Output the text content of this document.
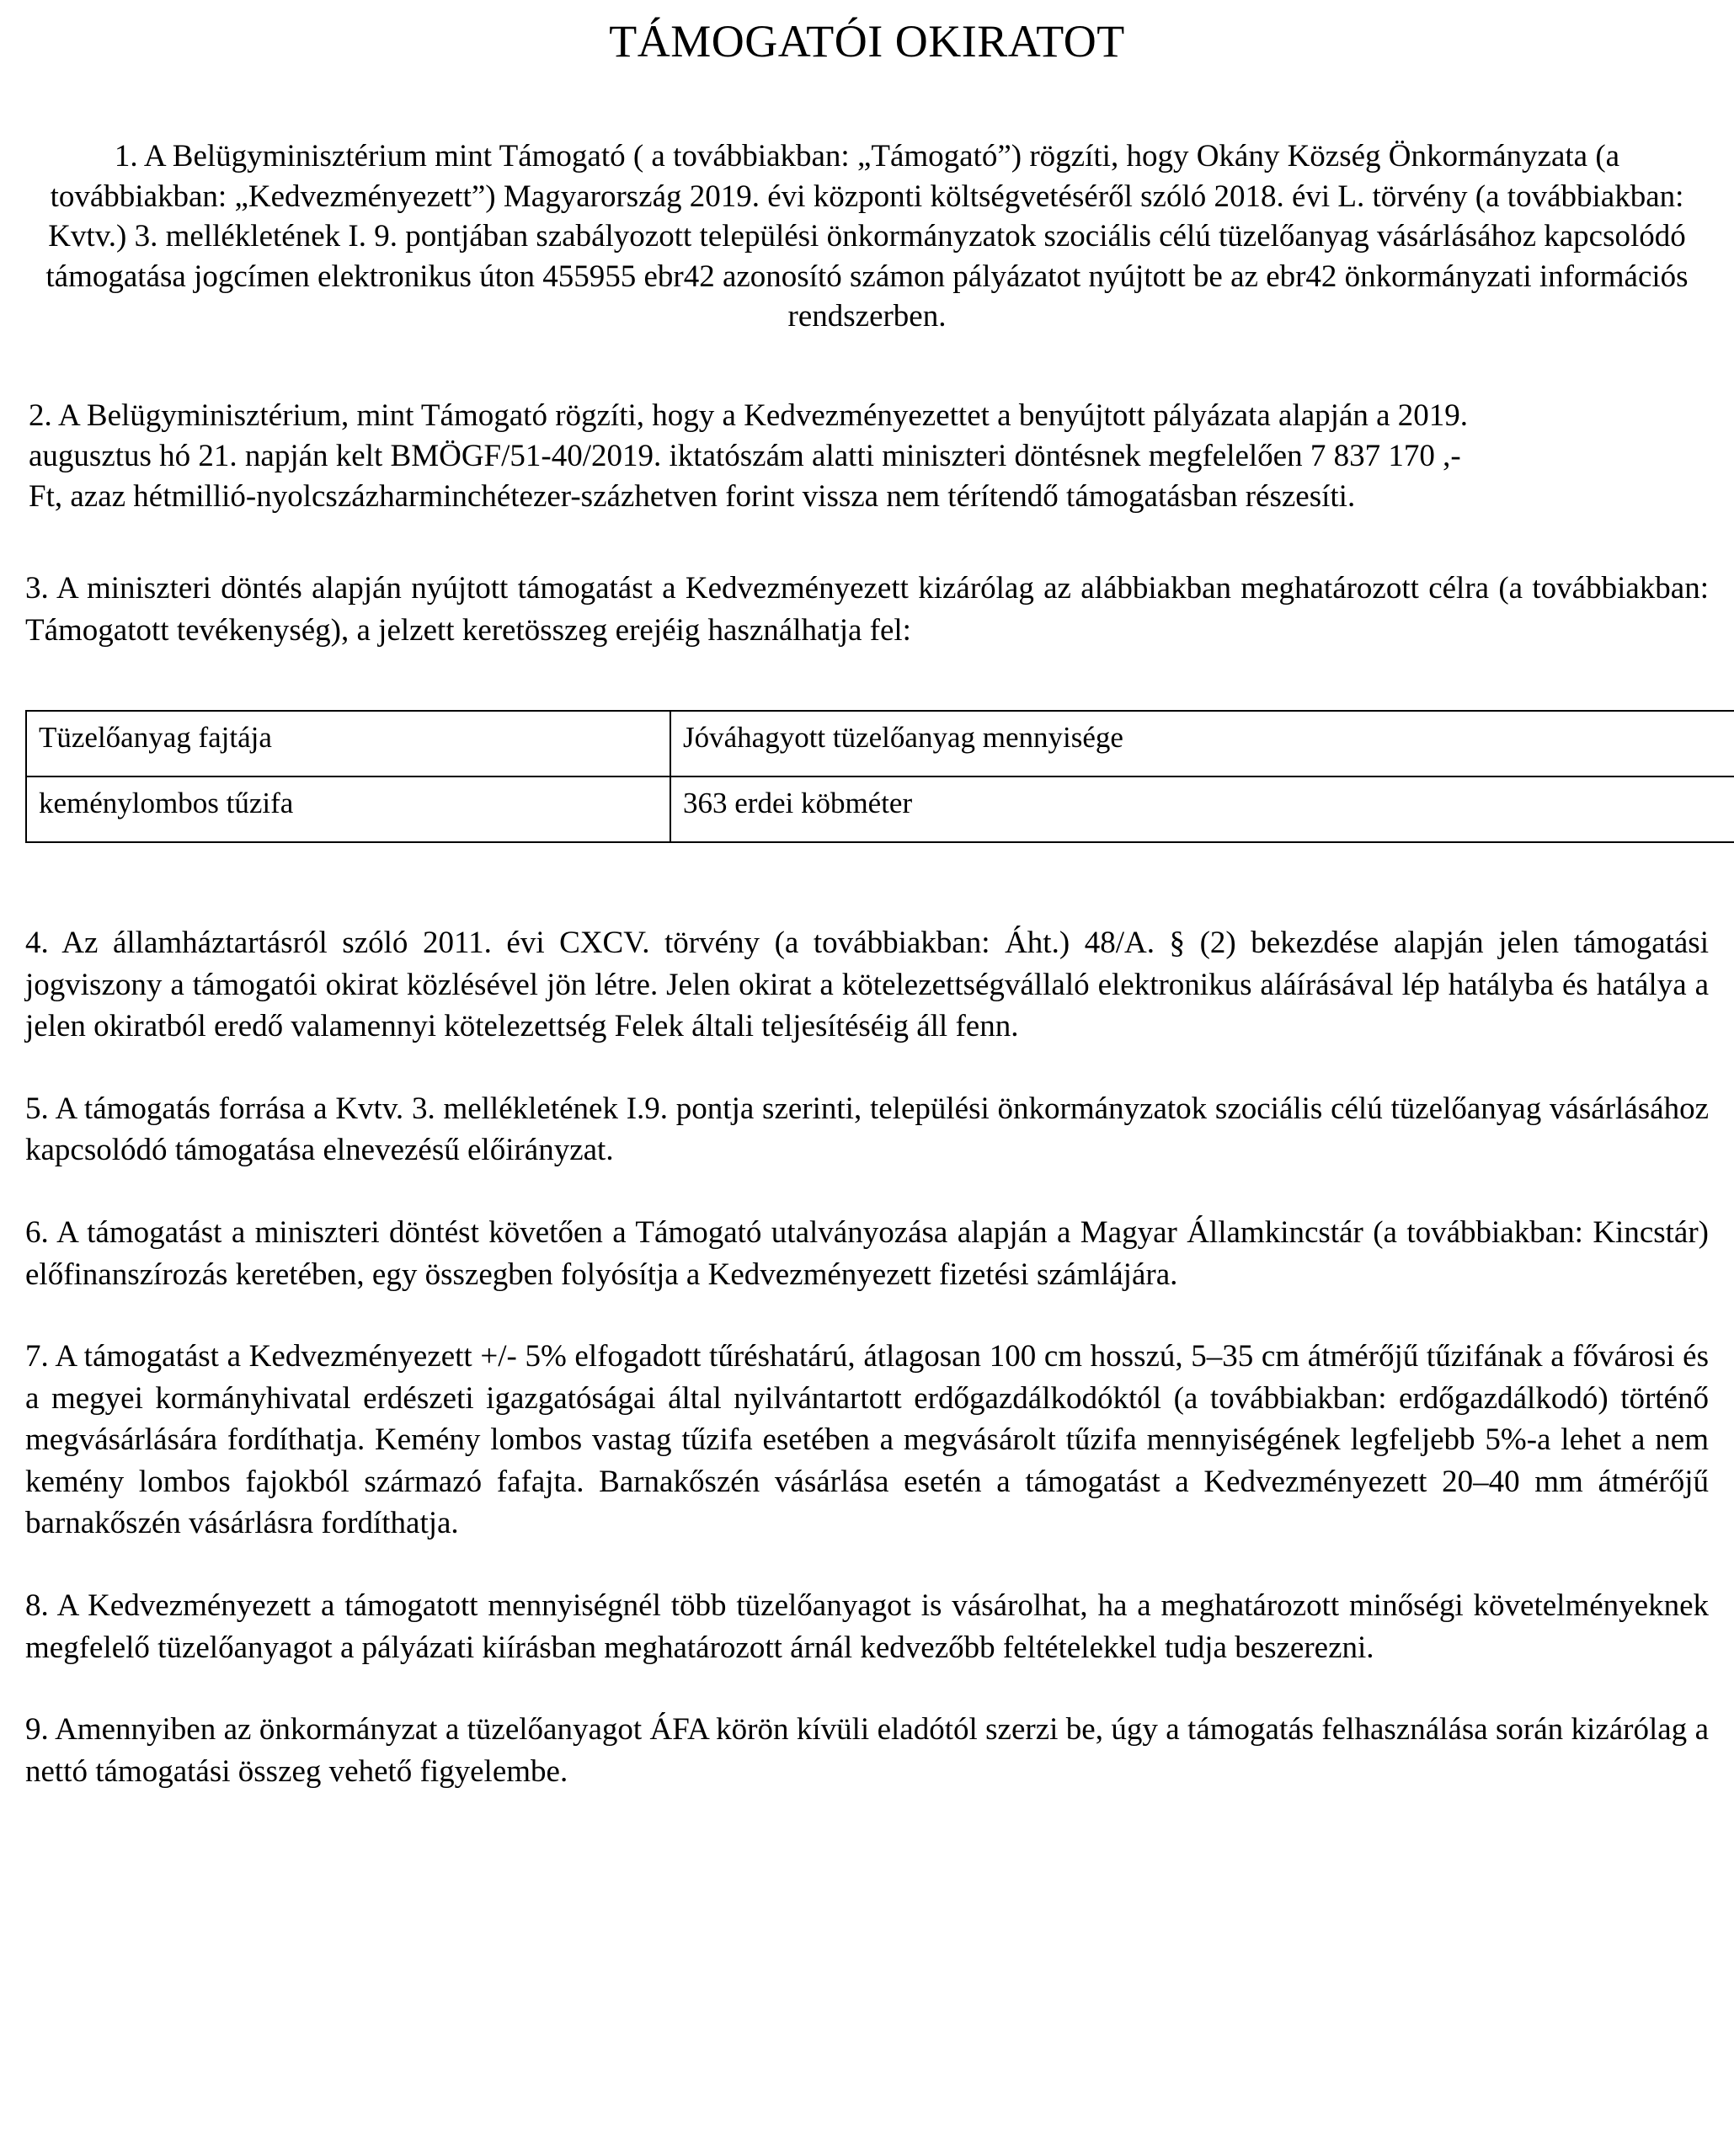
TÁMOGATÓI OKIRATOT

1. A Belügyminisztérium mint Támogató ( a továbbiakban: „Támogató”) rögzíti, hogy Okány Község Önkormányzata (a továbbiakban: „Kedvezményezett”) Magyarország 2019. évi központi költségvetéséről szóló 2018. évi L. törvény (a továbbiakban: Kvtv.) 3. mellékletének I. 9. pontjában szabályozott települési önkormányzatok szociális célú tüzelőanyag vásárlásához kapcsolódó támogatása jogcímen elektronikus úton 455955 ebr42 azonosító számon pályázatot nyújtott be az ebr42 önkormányzati információs rendszerben.

2. A Belügyminisztérium, mint Támogató rögzíti, hogy a Kedvezményezettet a benyújtott pályázata alapján a 2019.
augusztus hó 21. napján kelt BMÖGF/51-40/2019. iktatószám alatti miniszteri döntésnek megfelelően 7 837 170 ,-
Ft, azaz hétmillió-nyolcszázharminchétezer-százhetven forint vissza nem térítendő támogatásban részesíti.

3. A miniszteri döntés alapján nyújtott támogatást a Kedvezményezett kizárólag az alábbiakban meghatározott célra (a továbbiakban: Támogatott tevékenység), a jelzett keretösszeg erejéig használhatja fel:

Tüzelőanyag fajtája	Jóváhagyott tüzelőanyag mennyisége
keménylombos tűzifa	363 erdei köbméter

4. Az államháztartásról szóló 2011. évi CXCV. törvény (a továbbiakban: Áht.) 48/A. § (2) bekezdése alapján jelen támogatási jogviszony a támogatói okirat közlésével jön létre. Jelen okirat a kötelezettségvállaló elektronikus aláírásával lép hatályba és hatálya a jelen okiratból eredő valamennyi kötelezettség Felek általi teljesítéséig áll fenn.

5. A támogatás forrása a Kvtv. 3. mellékletének I.9. pontja szerinti, települési önkormányzatok szociális célú tüzelőanyag vásárlásához kapcsolódó támogatása elnevezésű előirányzat.

6. A támogatást a miniszteri döntést követően a Támogató utalványozása alapján a Magyar Államkincstár (a továbbiakban: Kincstár) előfinanszírozás keretében, egy összegben folyósítja a Kedvezményezett fizetési számlájára.

7. A támogatást a Kedvezményezett +/- 5% elfogadott tűréshatárú, átlagosan 100 cm hosszú, 5–35 cm átmérőjű tűzifának a fővárosi és a megyei kormányhivatal erdészeti igazgatóságai által nyilvántartott erdőgazdálkodóktól (a továbbiakban: erdőgazdálkodó) történő megvásárlására fordíthatja. Kemény lombos vastag tűzifa esetében a megvásárolt tűzifa mennyiségének legfeljebb 5%-a lehet a nem kemény lombos fajokból származó fafajta. Barnakőszén vásárlása esetén a támogatást a Kedvezményezett 20–40 mm átmérőjű barnakőszén vásárlásra fordíthatja.

8. A Kedvezményezett a támogatott mennyiségnél több tüzelőanyagot is vásárolhat, ha a meghatározott minőségi követelményeknek megfelelő tüzelőanyagot a pályázati kiírásban meghatározott árnál kedvezőbb feltételekkel tudja beszerezni.

9. Amennyiben az önkormányzat a tüzelőanyagot ÁFA körön kívüli eladótól szerzi be, úgy a támogatás felhasználása során kizárólag a nettó támogatási összeg vehető figyelembe.
